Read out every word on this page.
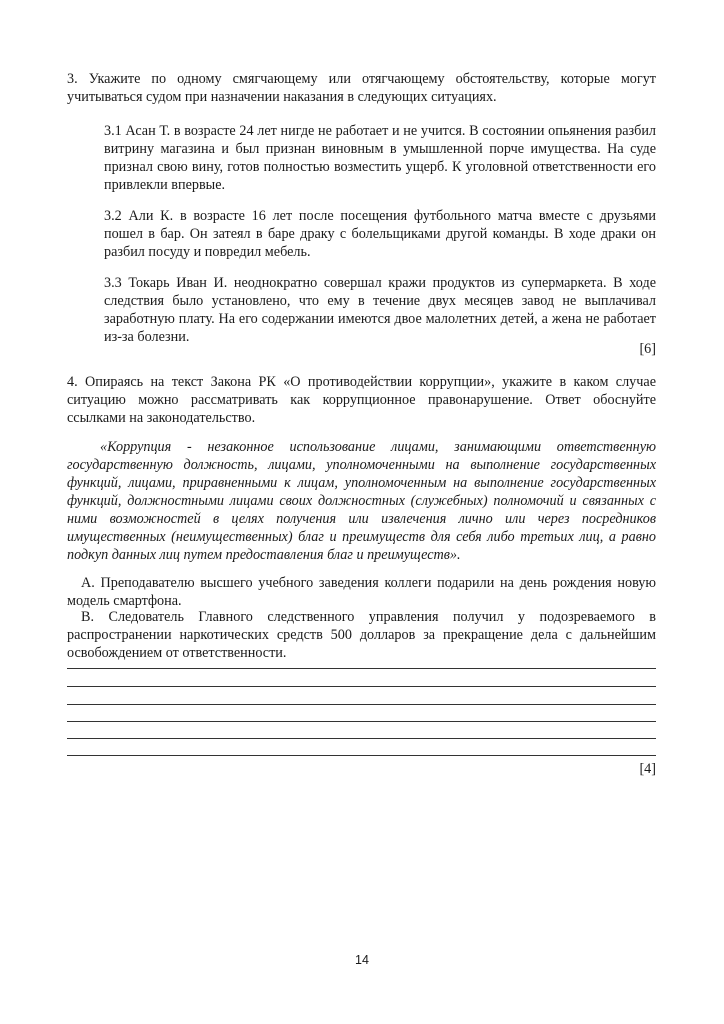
3. Укажите по одному смягчающему или отягчающему обстоятельству, которые могут учитываться судом при назначении наказания в следующих ситуациях.

3.1 Асан Т. в возрасте 24 лет нигде не работает и не учится. В состоянии опьянения разбил витрину магазина и был признан виновным в умышленной порче имущества. На суде признал свою вину, готов полностью возместить ущерб. К уголовной ответственности его привлекли впервые.

3.2 Али К. в возрасте 16 лет после посещения футбольного матча вместе с друзьями пошел в бар. Он затеял в баре драку с болельщиками другой команды. В ходе драки он разбил посуду и повредил мебель.

3.3 Токарь Иван И. неоднократно совершал кражи продуктов из супермаркета. В ходе следствия было установлено, что ему в течение двух месяцев завод не выплачивал заработную плату. На его содержании имеются двое малолетних детей, а жена не работает из-за болезни.

[6]

4. Опираясь на текст Закона РК «О противодействии коррупции», укажите в каком случае ситуацию можно рассматривать как коррупционное правонарушение. Ответ обоснуйте ссылками на законодательство.

«Коррупция - незаконное использование лицами, занимающими ответственную государственную должность, лицами, уполномоченными на выполнение государственных функций, лицами, приравненными к лицам, уполномоченным на выполнение государственных функций, должностными лицами своих должностных (служебных) полномочий и связанных с ними возможностей в целях получения или извлечения лично или через посредников имущественных (неимущественных) благ и преимуществ для себя либо третьих лиц, а равно подкуп данных лиц путем предоставления благ и преимуществ».

А. Преподавателю высшего учебного заведения коллеги подарили на день рождения новую модель смартфона.

В. Следователь Главного следственного управления получил у подозреваемого в распространении наркотических средств 500 долларов за прекращение дела с дальнейшим освобождением от ответственности.

[4]
14
